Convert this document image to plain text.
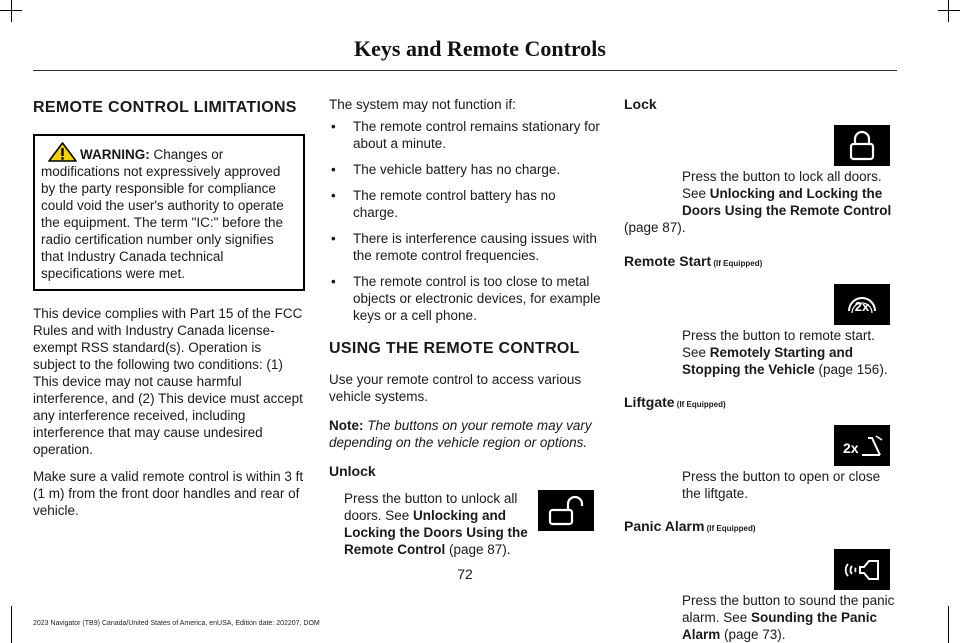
Keys and Remote Controls
REMOTE CONTROL LIMITATIONS
WARNING: Changes or modifications not expressively approved by the party responsible for compliance could void the user's authority to operate the equipment. The term "IC:" before the radio certification number only signifies that Industry Canada technical specifications were met.
This device complies with Part 15 of the FCC Rules and with Industry Canada license-exempt RSS standard(s). Operation is subject to the following two conditions: (1) This device may not cause harmful interference, and (2) This device must accept any interference received, including interference that may cause undesired operation.
Make sure a valid remote control is within 3 ft (1 m) from the front door handles and rear of vehicle.
The system may not function if:
• The remote control remains stationary for about a minute.
• The vehicle battery has no charge.
• The remote control battery has no charge.
• There is interference causing issues with the remote control frequencies.
• The remote control is too close to metal objects or electronic devices, for example keys or a cell phone.
USING THE REMOTE CONTROL
Use your remote control to access various vehicle systems.
Note: The buttons on your remote may vary depending on the vehicle region or options.
Unlock
Press the button to unlock all doors. See Unlocking and Locking the Doors Using the Remote Control (page 87).
Lock
Press the button to lock all doors. See Unlocking and Locking the Doors Using the Remote Control
(page 87).
Remote Start (If Equipped)
2x
Press the button to remote start. See Remotely Starting and Stopping the Vehicle (page 156).
Liftgate (If Equipped)
2x
Press the button to open or close the liftgate.
Panic Alarm (If Equipped)
Press the button to sound the panic alarm. See Sounding the Panic Alarm (page 73).
72
2023 Navigator (TB9) Canada/United States of America, enUSA, Edition date: 202207, DOM
